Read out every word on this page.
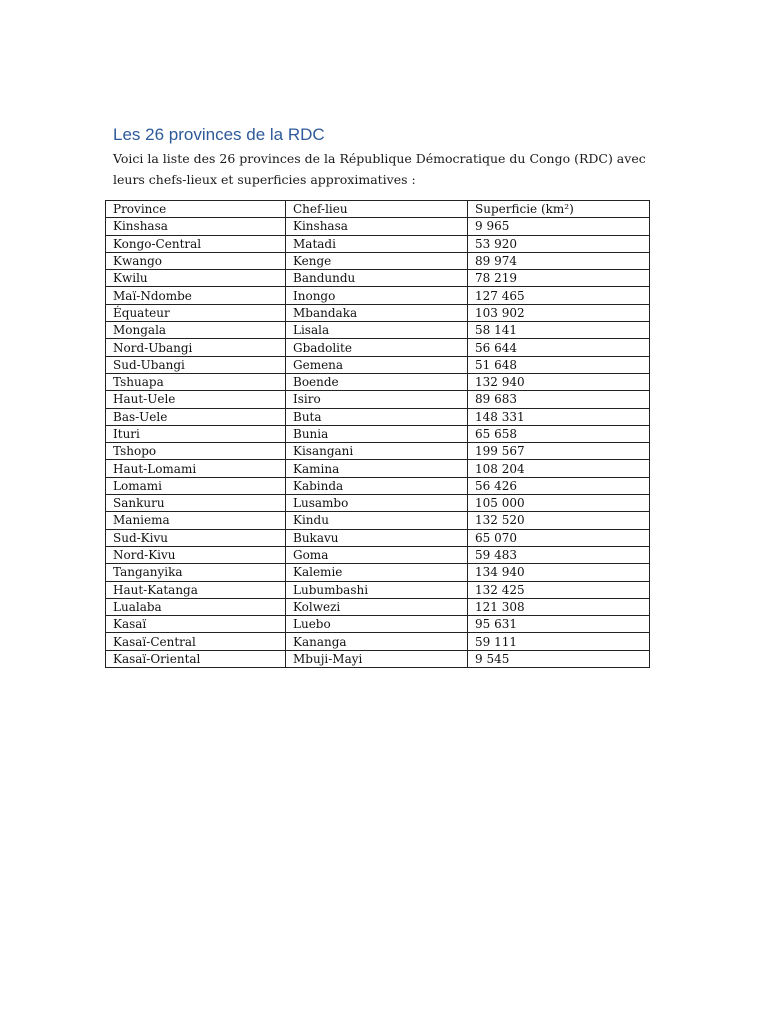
Les 26 provinces de la RDC

Voici la liste des 26 provinces de la République Démocratique du Congo (RDC) avec leurs chefs-lieux et superficies approximatives :

Province	Chef-lieu	Superficie (km²)
Kinshasa	Kinshasa	9 965
Kongo-Central	Matadi	53 920
Kwango	Kenge	89 974
Kwilu	Bandundu	78 219
Maï-Ndombe	Inongo	127 465
Équateur	Mbandaka	103 902
Mongala	Lisala	58 141
Nord-Ubangi	Gbadolite	56 644
Sud-Ubangi	Gemena	51 648
Tshuapa	Boende	132 940
Haut-Uele	Isiro	89 683
Bas-Uele	Buta	148 331
Ituri	Bunia	65 658
Tshopo	Kisangani	199 567
Haut-Lomami	Kamina	108 204
Lomami	Kabinda	56 426
Sankuru	Lusambo	105 000
Maniema	Kindu	132 520
Sud-Kivu	Bukavu	65 070
Nord-Kivu	Goma	59 483
Tanganyika	Kalemie	134 940
Haut-Katanga	Lubumbashi	132 425
Lualaba	Kolwezi	121 308
Kasaï	Luebo	95 631
Kasaï-Central	Kananga	59 111
Kasaï-Oriental	Mbuji-Mayi	9 545
